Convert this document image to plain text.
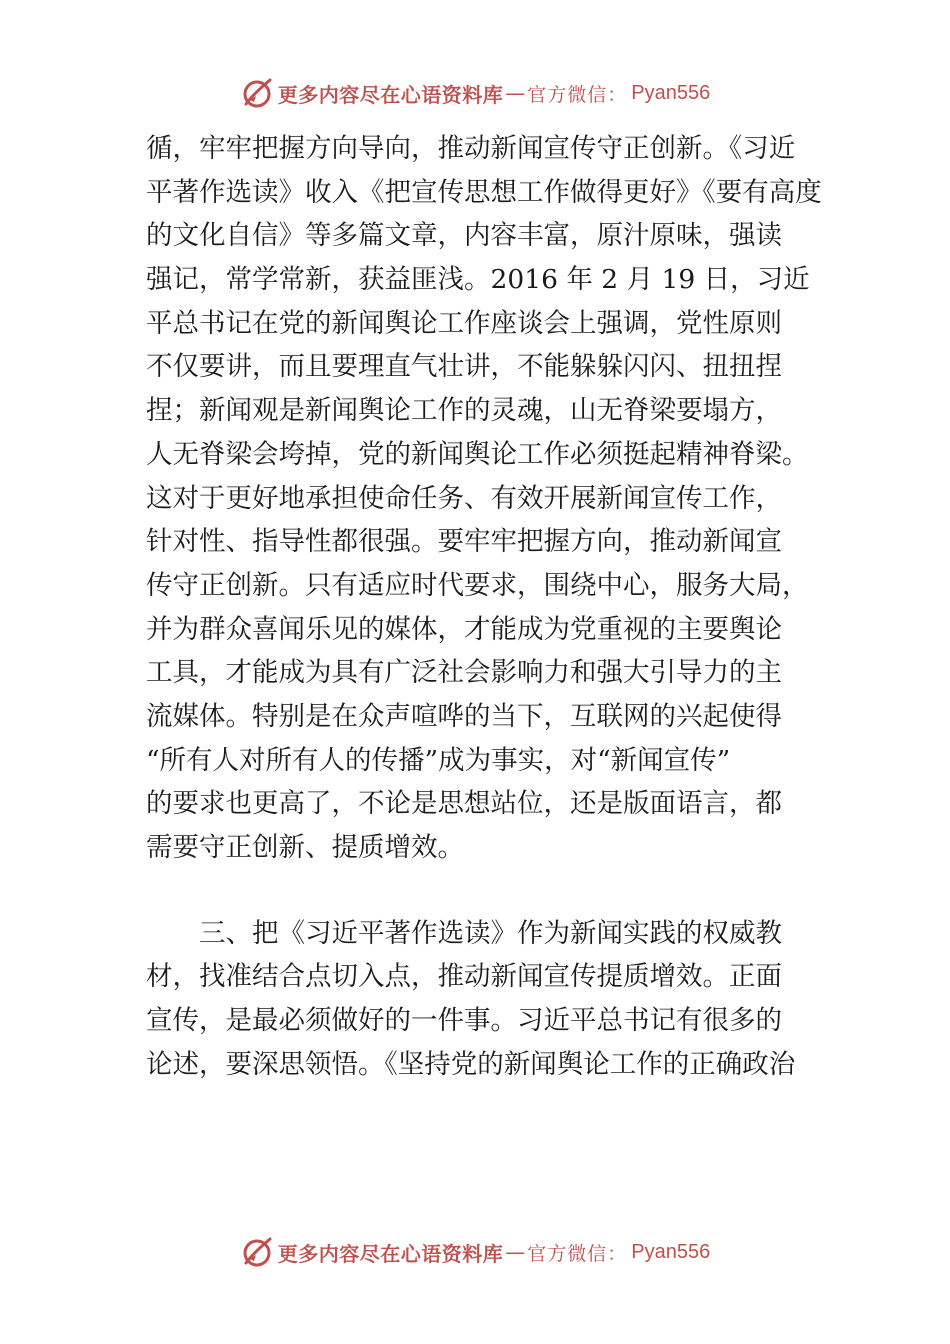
更多内容尽在心语资料库 — 官方微信： Pyan556
循，牢牢把握方向导向，推动新闻宣传守正创新。《习近
平著作选读》收入《把宣传思想工作做得更好》《要有高度
的文化自信》等多篇文章，内容丰富，原汁原味，强读
强记，常学常新，获益匪浅。2016 年 2 月 19 日，习近
平总书记在党的新闻舆论工作座谈会上强调，党性原则
不仅要讲，而且要理直气壮讲，不能躲躲闪闪、扭扭捏
捏；新闻观是新闻舆论工作的灵魂，山无脊梁要塌方，
人无脊梁会垮掉，党的新闻舆论工作必须挺起精神脊梁。
这对于更好地承担使命任务、有效开展新闻宣传工作，
针对性、指导性都很强。要牢牢把握方向，推动新闻宣
传守正创新。只有适应时代要求，围绕中心，服务大局，
并为群众喜闻乐见的媒体，才能成为党重视的主要舆论
工具，才能成为具有广泛社会影响力和强大引导力的主
流媒体。特别是在众声喧哗的当下，互联网的兴起使得
“所有人对所有人的传播”成为事实，对“新闻宣传”
的要求也更高了，不论是思想站位，还是版面语言，都
需要守正创新、提质增效。
　　三、把《习近平著作选读》作为新闻实践的权威教
材，找准结合点切入点，推动新闻宣传提质增效。正面
宣传，是最必须做好的一件事。习近平总书记有很多的
论述，要深思领悟。《坚持党的新闻舆论工作的正确政治
更多内容尽在心语资料库 — 官方微信： Pyan556
